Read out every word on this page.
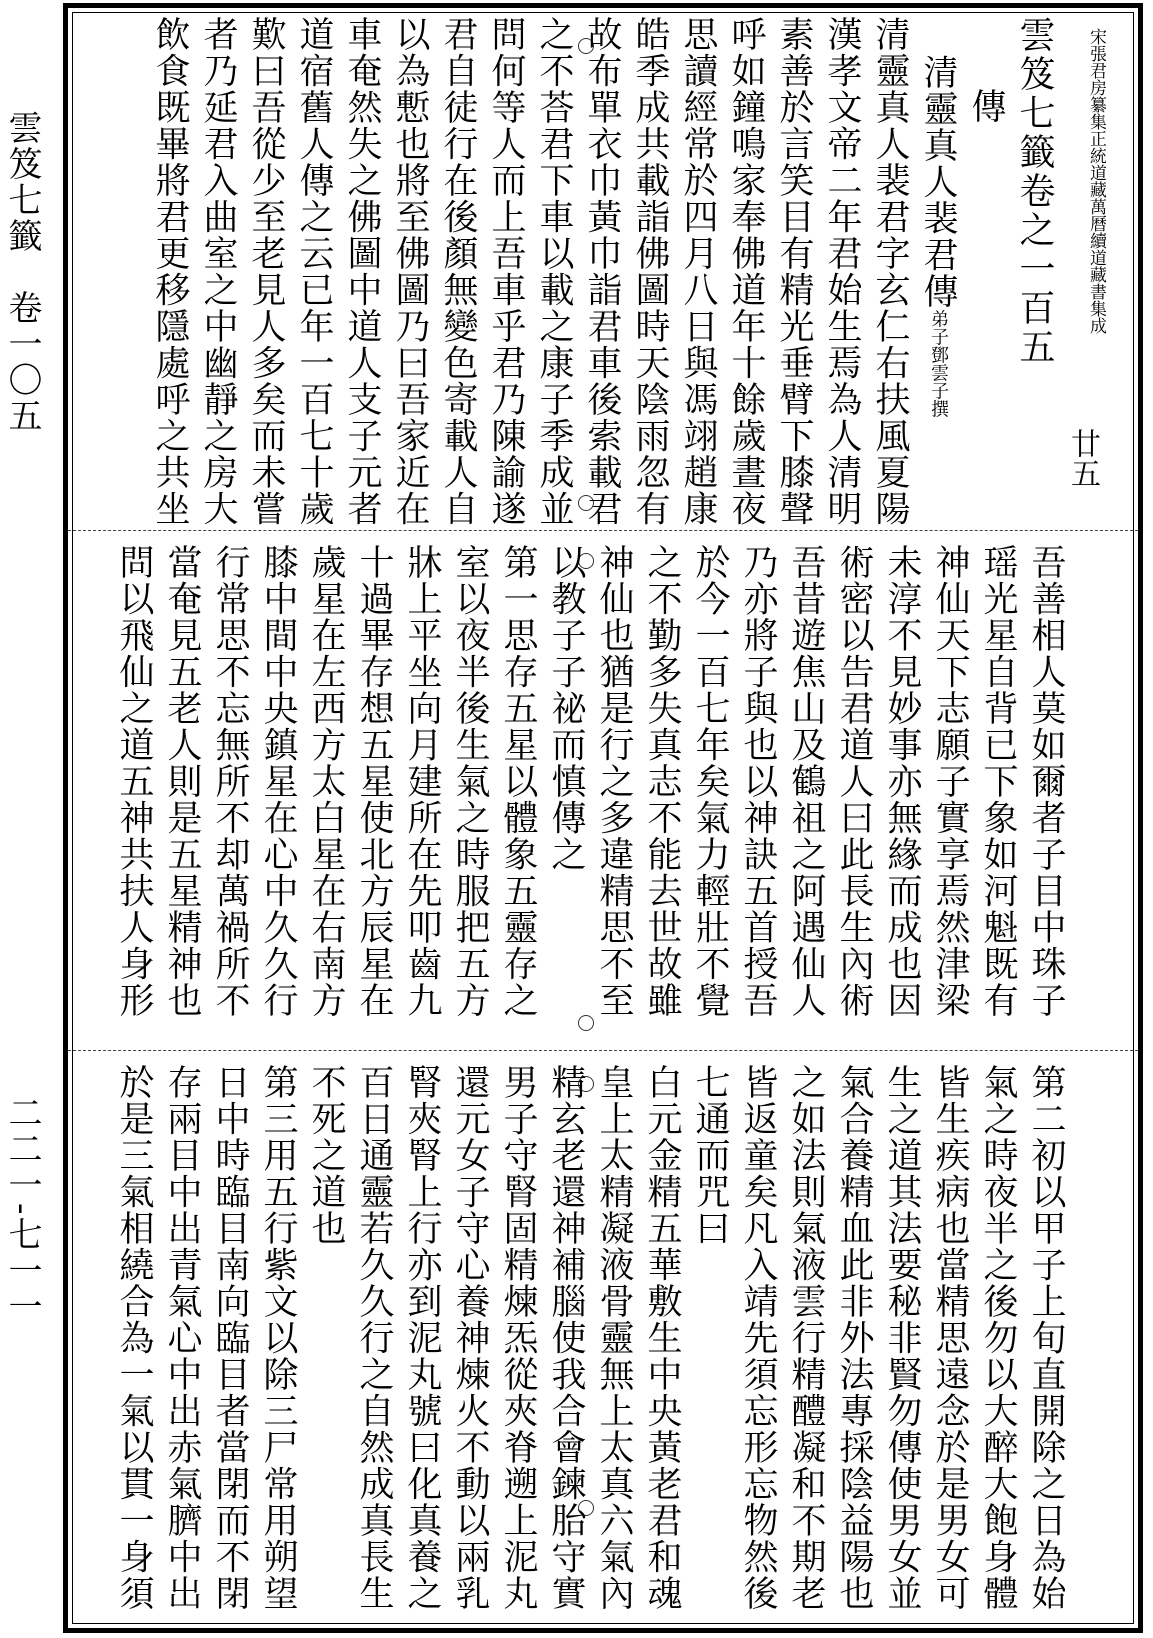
雲笈七籤　卷一〇五
二二一-七一一
廿五
宋張君房纂集正統道藏萬曆續道藏書集成
雲笈七籤卷之一百五
傳
清靈真人裴君傳弟子鄧雲子撰
清靈真人裴君字玄仁右扶風夏陽
漢孝文帝二年君始生焉為人清明
素善於言笑目有精光垂臂下膝聲
呼如鐘鳴家奉佛道年十餘歲晝夜
思讀經常於四月八日與馮翊趙康
皓季成共載詣佛圖時天陰雨忽有
故布單衣巾黃巾詣君車後索載君
之不荅君下車以載之康子季成並
問何等人而上吾車乎君乃陳諭遂
君自徒行在後顏無變色寄載人自
以為慙也將至佛圖乃曰吾家近在
車奄然失之佛圖中道人支子元者
道宿舊人傳之云已年一百七十歲
歎曰吾從少至老見人多矣而未嘗
者乃延君入曲室之中幽靜之房大
飲食既畢將君更移隱處呼之共坐
吾善相人莫如爾者子目中珠子
瑶光星自背已下象如河魁既有
神仙天下志願子實享焉然津梁
未淳不見妙事亦無緣而成也因
術密以告君道人曰此長生內術
吾昔遊焦山及鶴祖之阿遇仙人
乃亦將子與也以神訣五首授吾
於今一百七年矣氣力輕壯不覺
之不勤多失真志不能去世故雖
神仙也猶是行之多違精思不至
以教子子祕而慎傳之
第一思存五星以體象五靈存之
室以夜半後生氣之時服把五方
牀上平坐向月建所在先叩齒九
十過畢存想五星使北方辰星在
歲星在左西方太白星在右南方
膝中間中央鎮星在心中久久行
行常思不忘無所不却萬禍所不
當奄見五老人則是五星精神也
問以飛仙之道五神共扶人身形
第二初以甲子上旬直開除之日為始
氣之時夜半之後勿以大醉大飽身體
皆生疾病也當精思遠念於是男女可
生之道其法要秘非賢勿傳使男女並
氣合養精血此非外法專採陰益陽也
之如法則氣液雲行精醴凝和不期老
皆返童矣凡入靖先須忘形忘物然後
七通而咒曰
白元金精五華敷生中央黃老君和魂
皇上太精凝液骨靈無上太真六氣內
精玄老還神補腦使我合會鍊胎守實
男子守腎固精煉炁從夾脊遡上泥丸
還元女子守心養神煉火不動以兩乳
腎夾腎上行亦到泥丸號曰化真養之
百日通靈若久久行之自然成真長生
不死之道也
第三用五行紫文以除三尸常用朔望
日中時臨目南向臨目者當閉而不閉
存兩目中出青氣心中出赤氣臍中出
於是三氣相繞合為一氣以貫一身須
